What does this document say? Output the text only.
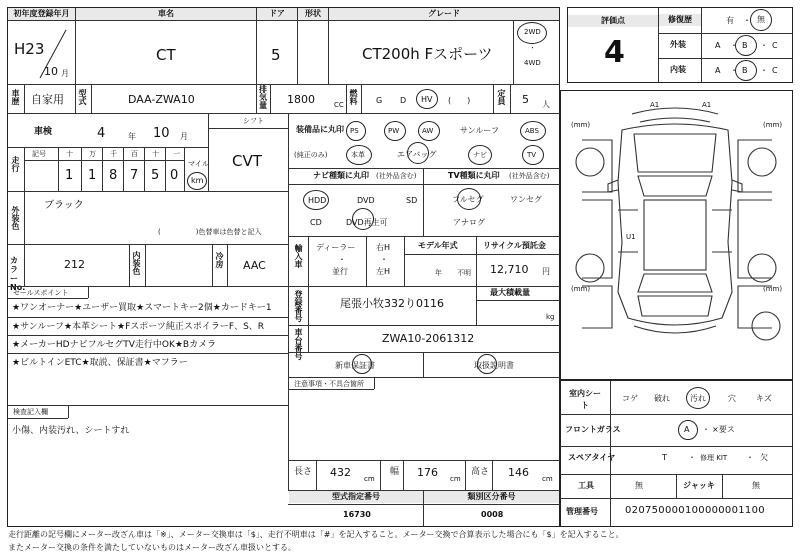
初年度登録年月	車名	ドア	形状	グレード
H23
10 月
CT	5	CT200h Fスポーツ
2WD
・
4WD
車歴 自家用 型式	DAA-ZWA10
排気量 1800	CC 燃料 G D HV (　　)	定員 5 人
車検	4	年 10 月
シフト
CVT
走行
記号	十 万 千 百 十 一
1 1 8 7 5 0
マイル
km
外装色
ブラック
(　　　　　)色替車は色替と記入
カラーNo.
212	内装色	冷房 AAC
セールスポイント
★ワンオーナー★ユーザー買取★スマートキー2個★カードキー1
★サンルーフ★本革シート★Fスポーツ純正スポイラーF、S、R
★メーカーHDナビフルセグTV走行中OK★Bカメラ
★ビルトインETC★取説、保証書★マフラー
検査記入欄
小傷、内装汚れ、シートすれ
装備品に丸印
(純正のみ)
PS	PW	AW	サンルーフ	ABS
本革	エアバッグ	ナビ	TV
ナビ種類に丸印 (社外品含む)	TV種類に丸印 (社外品含む)
HDD	DVD	SD
CD	DVD再生可
フルセグ	ワンセグ
アナログ
輸入車 ディーラー
・
並行
右H
・
左H
モデル年式
年 不明
リサイクル預託金
12,710 円
登録番号	尾張小牧332り0116
最大積載量
kg
車台番号	ZWA10-2061312
新車保証書	取扱説明書
注意事項・不具合箇所
長さ 432 cm
幅 176 cm
高さ 146 cm
型式指定番号	類別区分番号
16730	0008
評価点
4
修復歴	有 ・ 無
外装	A ・ B ・ C
内装	A ・ B ・ C
A1	A1
U1
(mm)	(mm)
(mm)	(mm)
室内シート
コゲ 破れ	汚れ	穴	キズ
フロントガラス	A ・ ×要ス
スペアタイヤ	T	・ 修理 KIT ・ 欠
工具	無	ジャッキ	無
管理番号	020750000100000001100
走行距離の記号欄にメーター改ざん車は「※」、メーター交換車は「$」、走行不明車は「#」を記入すること。メーター交換で合算表示した場合にも「$」を記入すること。
またメーター交換の条件を満たしていないものはメーター改ざん車扱いとする。
